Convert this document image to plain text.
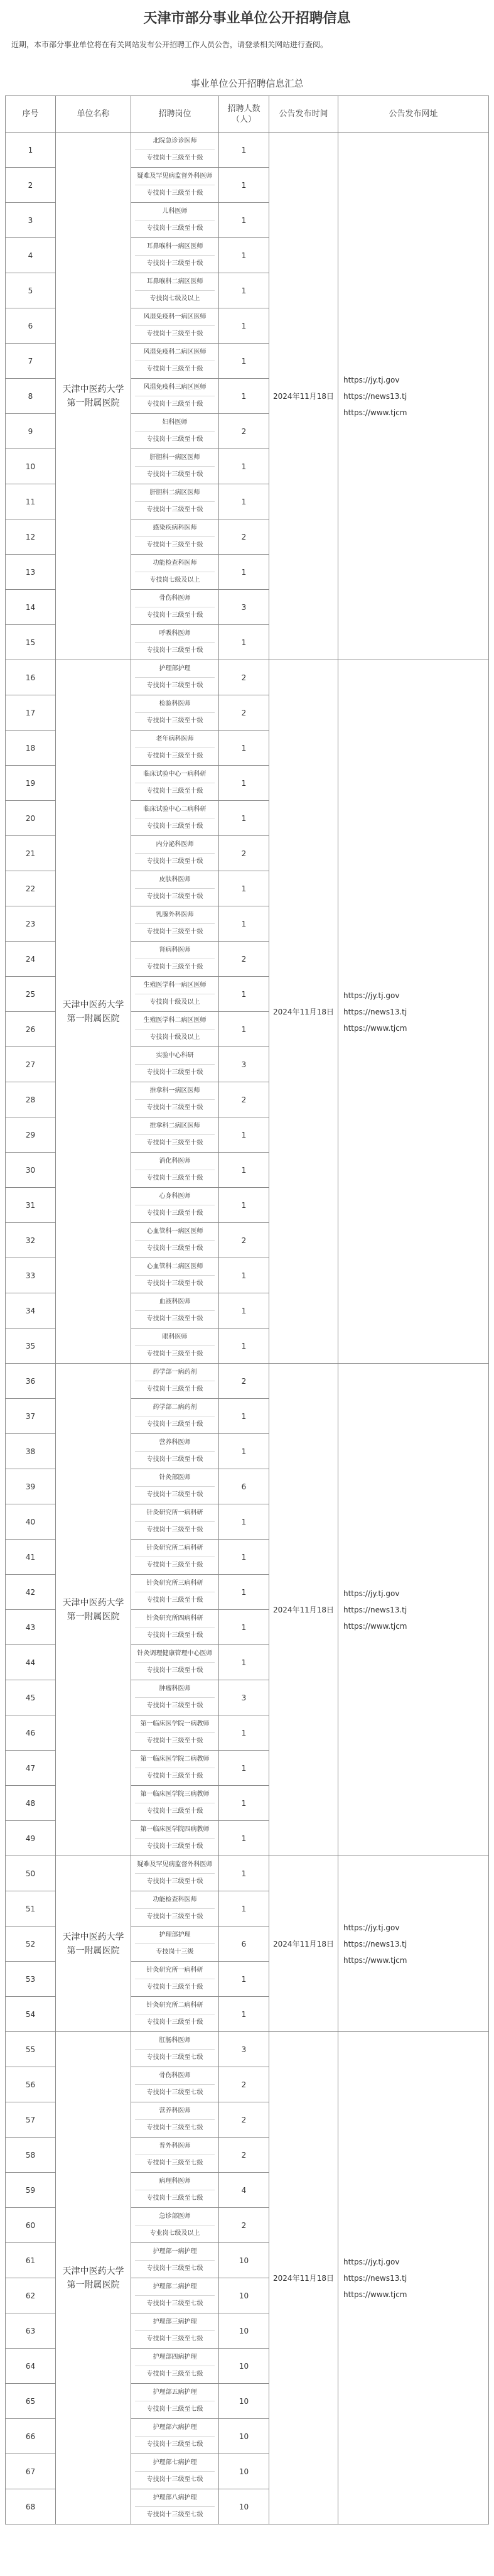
天津市部分事业单位公开招聘信息

近期，本市部分事业单位将在有关网站发布公开招聘工作人员公告，请登录相关网站进行查阅。

事业单位公开招聘信息汇总
序号	单位名称	招聘岗位	招聘人数（人）	公告发布时间	公告发布网址
1	天津中医药大学第一附属医院	北院急诊诊医师
专技岗十三级至十级	1	2024年11月18日	https://jy.tj.gov
https://news13.tj
https://www.tjcm

2		疑难及罕见病监督外科医师
专技岗十三级至十级	1		
3		儿科医师
专技岗十三级至十级	1		
4		耳鼻喉科一病区医师
专技岗十三级至十级	1		
5		耳鼻喉科二病区医师
专技岗七级及以上	1		
6		风湿免疫科一病区医师
专技岗十三级至十级	1		
7		风湿免疫科二病区医师
专技岗十三级至十级	1		
8		风湿免疫科三病区医师
专技岗十三级至十级	1		
9		妇科医师
专技岗十三级至十级	2		
10		肝胆科一病区医师
专技岗十三级至十级	1		
11		肝胆科二病区医师
专技岗十三级至十级	1		
12		感染疾病科医师
专技岗十三级至十级	2		
13		功能检查科医师
专技岗七级及以上	1		
14		骨伤科医师
专技岗十三级至十级	3		
15		呼吸科医师
专技岗十三级至十级	1		
16	天津中医药大学第一附属医院	护理部护理
专技岗十三级至十级	2	2024年11月18日	https://jy.tj.gov
https://news13.tj
https://www.tjcm

17		检验科医师
专技岗十三级至十级	2		
18		老年病科医师
专技岗十三级至十级	1		
19		临床试验中心一病科研
专技岗十三级至十级	1		
20		临床试验中心二病科研
专技岗十三级至十级	1		
21		内分泌科医师
专技岗十三级至十级	2		
22		皮肤科医师
专技岗十三级至十级	1		
23		乳腺外科医师
专技岗十三级至十级	1		
24		肾病科医师
专技岗十三级至十级	2		
25		生殖医学科一病区医师
专技岗十级及以上	1		
26		生殖医学科二病区医师
专技岗十级及以上	1		
27		实验中心科研
专技岗十三级至十级	3		
28		推拿科一病区医师
专技岗十三级至十级	2		
29		推拿科二病区医师
专技岗十三级至十级	1		
30		消化科医师
专技岗十三级至十级	1		
31		心身科医师
专技岗十三级至十级	1		
32		心血管科一病区医师
专技岗十三级至十级	2		
33		心血管科二病区医师
专技岗十三级至十级	1		
34		血液科医师
专技岗十三级至十级	1		
35		眼科医师
专技岗十三级至十级	1		
36	天津中医药大学第一附属医院	药学部一病药剂
专技岗十三级至十级	2	2024年11月18日	https://jy.tj.gov
https://news13.tj
https://www.tjcm

37		药学部二病药剂
专技岗十三级至十级	1		
38		营养科医师
专技岗十三级至十级	1		
39		针灸部医师
专技岗十三级至十级	6		
40		针灸研究所一病科研
专技岗十三级至十级	1		
41		针灸研究所二病科研
专技岗十三级至十级	1		
42		针灸研究所三病科研
专技岗十三级至十级	1		
43		针灸研究所四病科研
专技岗十三级至十级	1		
44		针灸调理健康管理中心医师
专技岗十三级至十级	1		
45		肿瘤科医师
专技岗十三级至十级	3		
46		第一临床医学院一病教师
专技岗十三级至十级	1		
47		第一临床医学院二病教师
专技岗十三级至十级	1		
48		第一临床医学院三病教师
专技岗十三级至十级	1		
49		第一临床医学院四病教师
专技岗十三级至十级	1		
50	天津中医药大学第一附属医院	疑难及罕见病监督外科医师
专技岗十三级至十级	1	2024年11月18日	https://jy.tj.gov
https://news13.tj
https://www.tjcm

51		功能检查科医师
专技岗十三级至十级	1		
52		护理部护理
专技岗十三级	6		
53		针灸研究所一病科研
专技岗十三级至十级	1		
54		针灸研究所二病科研
专技岗十三级至十级	1		
55	天津中医药大学第一附属医院	肛肠科医师
专技岗十三级至七级	3	2024年11月18日	https://jy.tj.gov
https://news13.tj
https://www.tjcm

56		骨伤科医师
专技岗十三级至七级	2		
57		营养科医师
专技岗十三级至七级	2		
58		普外科医师
专技岗十三级至七级	2		
59		病理科医师
专技岗十三级至七级	4		
60		急诊部医师
专业岗七级及以上	2		
61		护理部一病护理
专技岗十三级至七级	10		
62		护理部二病护理
专技岗十三级至七级	10		
63		护理部三病护理
专技岗十三级至七级	10		
64		护理部四病护理
专技岗十三级至七级	10		
65		护理部五病护理
专技岗十三级至七级	10		
66		护理部六病护理
专技岗十三级至七级	10		
67		护理部七病护理
专技岗十三级至七级	10		
68		护理部八病护理
专技岗十三级至七级	10		
